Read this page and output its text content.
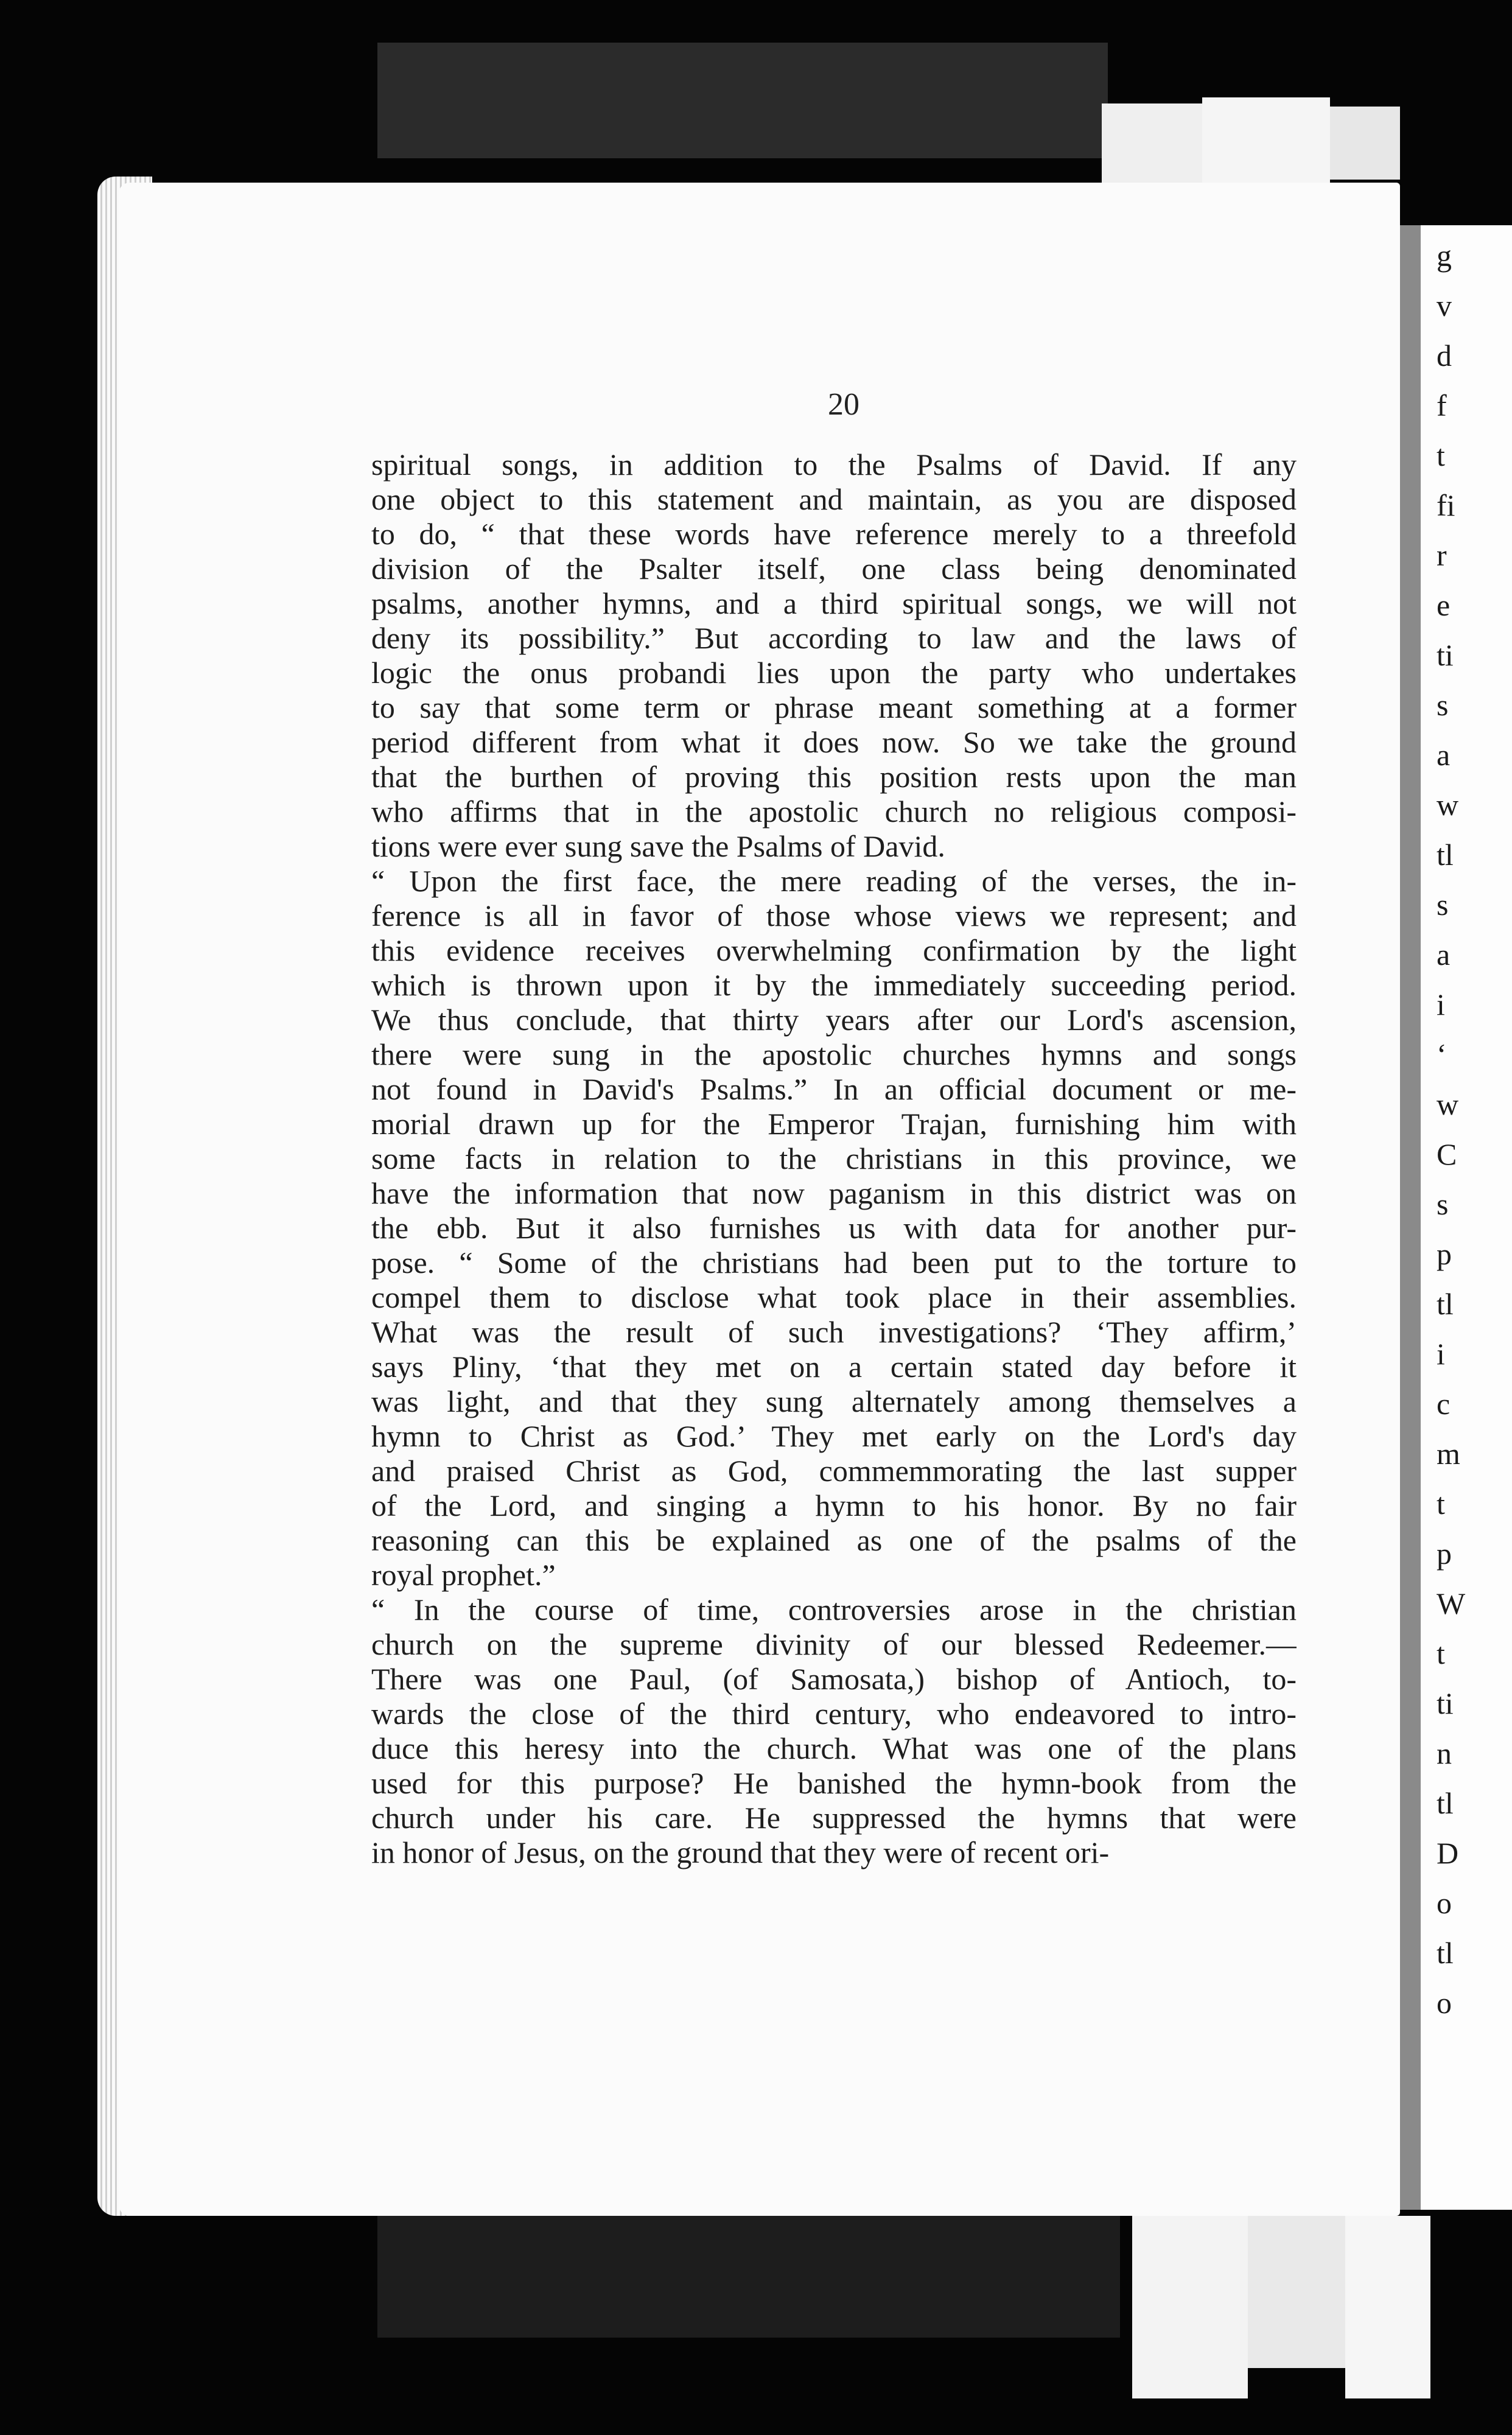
g
v
d
f
t
fi
r
e
ti
s
a
w
tl
s
a
i
‘
w
C
s
p
tl
i
c
m
t
p
W
t
ti
n
tl
D
o
tl
o
20
spiritual songs, in addition to the Psalms of David. If any
one object to this statement and maintain, as you are disposed
to do, “ that these words have reference merely to a threefold
division of the Psalter itself, one class being denominated
psalms, another hymns, and a third spiritual songs, we will not
deny its possibility.” But according to law and the laws of
logic the onus probandi lies upon the party who undertakes
to say that some term or phrase meant something at a former
period different from what it does now. So we take the ground
that the burthen of proving this position rests upon the man
who affirms that in the apostolic church no religious composi-
tions were ever sung save the Psalms of David.
“ Upon the first face, the mere reading of the verses, the in-
ference is all in favor of those whose views we represent; and
this evidence receives overwhelming confirmation by the light
which is thrown upon it by the immediately succeeding period.
We thus conclude, that thirty years after our Lord's ascension,
there were sung in the apostolic churches hymns and songs
not found in David's Psalms.” In an official document or me-
morial drawn up for the Emperor Trajan, furnishing him with
some facts in relation to the christians in this province, we
have the information that now paganism in this district was on
the ebb. But it also furnishes us with data for another pur-
pose. “ Some of the christians had been put to the torture to
compel them to disclose what took place in their assemblies.
What was the result of such investigations? ‘They affirm,’
says Pliny, ‘that they met on a certain stated day before it
was light, and that they sung alternately among themselves a
hymn to Christ as God.’ They met early on the Lord's day
and praised Christ as God, commemmorating the last supper
of the Lord, and singing a hymn to his honor. By no fair
reasoning can this be explained as one of the psalms of the
royal prophet.”
“ In the course of time, controversies arose in the christian
church on the supreme divinity of our blessed Redeemer.—
There was one Paul, (of Samosata,) bishop of Antioch, to-
wards the close of the third century, who endeavored to intro-
duce this heresy into the church. What was one of the plans
used for this purpose? He banished the hymn-book from the
church under his care. He suppressed the hymns that were
in honor of Jesus, on the ground that they were of recent ori-
